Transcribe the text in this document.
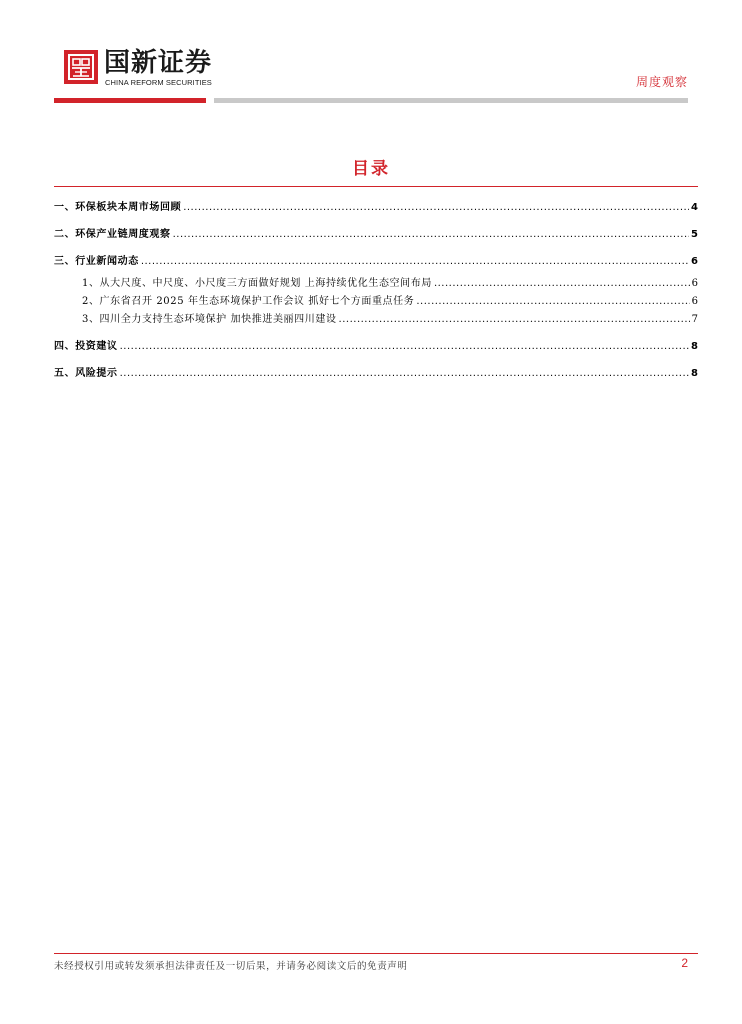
国新证券
CHINA REFORM SECURITIES	周度观察
目录
一、环保板块本周市场回顾 .....	4
二、环保产业链周度观察 .....	5
三、行业新闻动态 .....	6
1、从大尺度、中尺度、小尺度三方面做好规划 上海持续优化生态空间布局 .....	6
2、广东省召开 2025 年生态环境保护工作会议 抓好七个方面重点任务 .....	6
3、四川全力支持生态环境保护 加快推进美丽四川建设 .....	7
四、投资建议 .....	8
五、风险提示 .....	8
未经授权引用或转发须承担法律责任及一切后果，并请务必阅读文后的免责声明	2
